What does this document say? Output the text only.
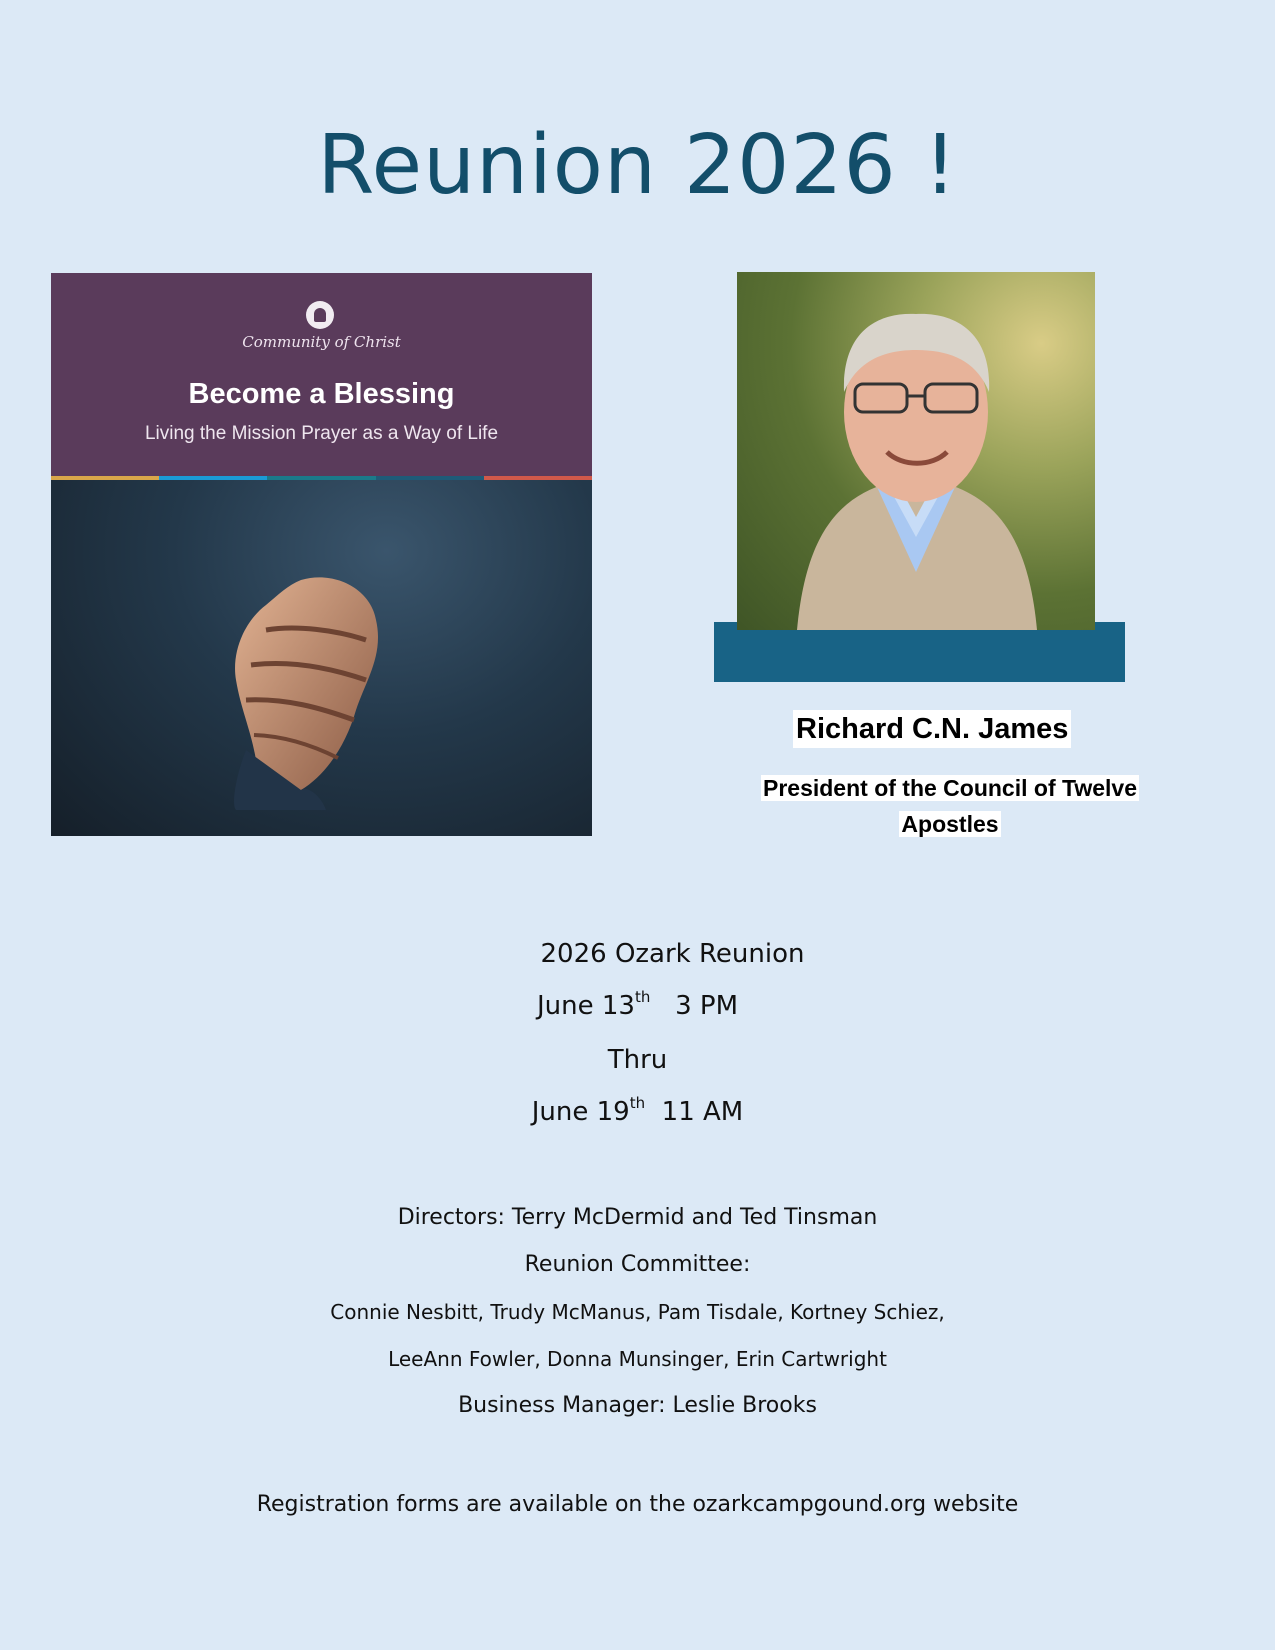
Reunion 2026 !
Community of Christ
Become a Blessing
Living the Mission Prayer as a Way of Life
Richard C.N. James
President of the Council of Twelve
Apostles
2026 Ozark Reunion
June 13th 3 PM
Thru
June 19th 11 AM
Directors: Terry McDermid and Ted Tinsman
Reunion Committee:
Connie Nesbitt, Trudy McManus, Pam Tisdale, Kortney Schiez,
LeeAnn Fowler, Donna Munsinger, Erin Cartwright
Business Manager: Leslie Brooks
Registration forms are available on the ozarkcampgound.org website
